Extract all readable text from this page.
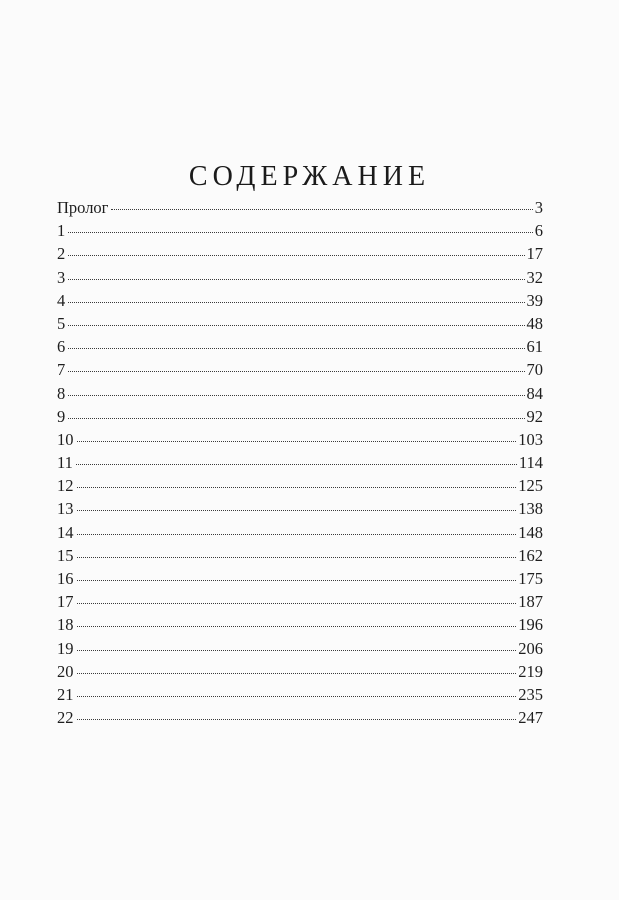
СОДЕРЖАНИЕ
Пролог	3
1	6
2	17
3	32
4	39
5	48
6	61
7	70
8	84
9	92
10	103
11	114
12	125
13	138
14	148
15	162
16	175
17	187
18	196
19	206
20	219
21	235
22	247
